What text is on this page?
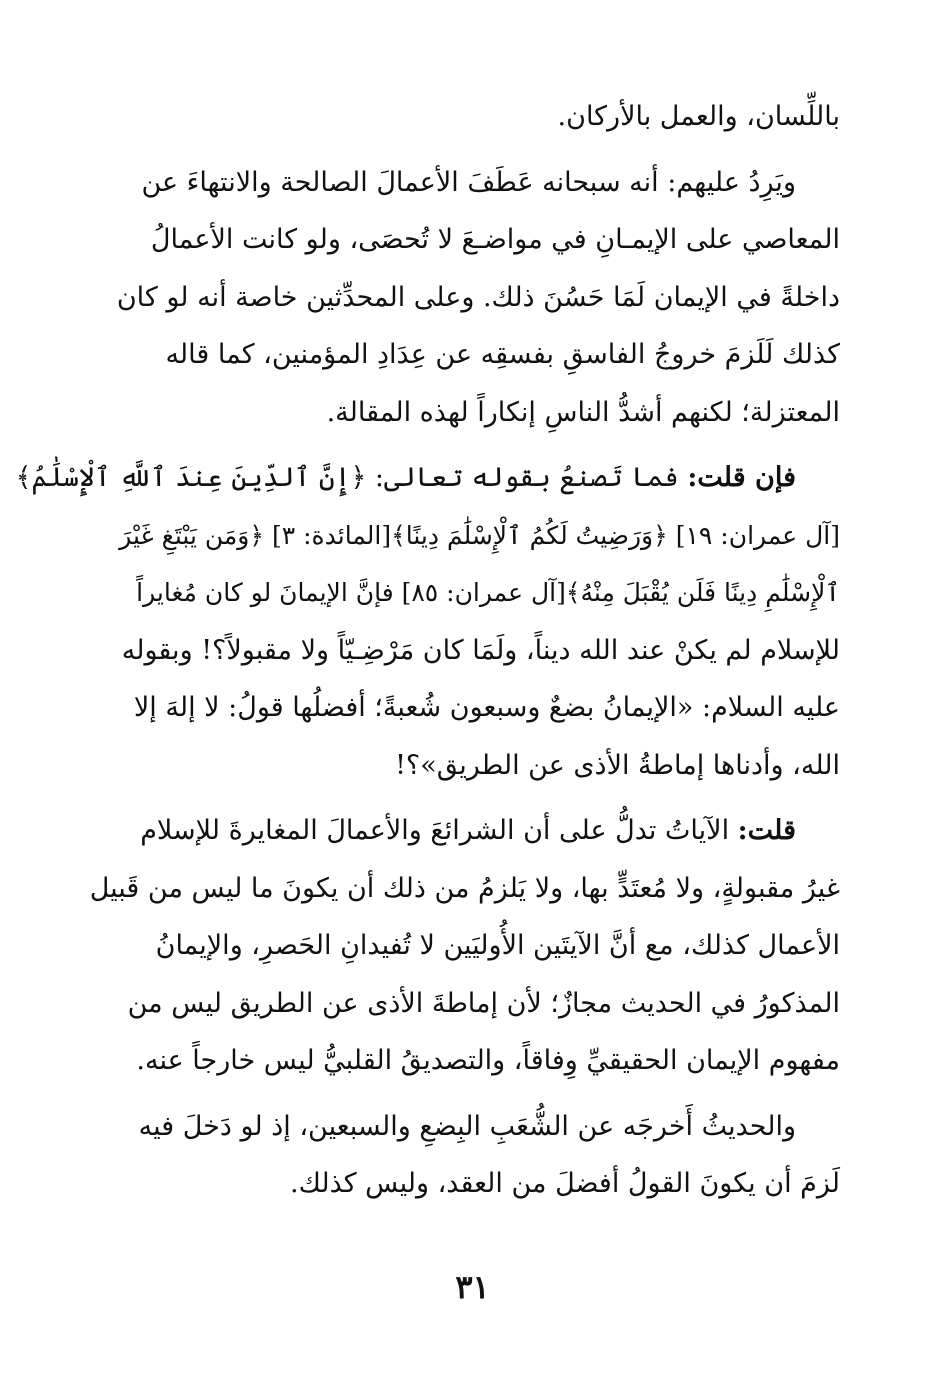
باللِّسان، والعمل بالأركان.
ويَرِدُ عليهم: أنه سبحانه عَطَفَ الأعمالَ الصالحة والانتهاءَ عن
المعاصي على الإيمـانِ في مواضـعَ لا تُحصَى، ولو كانت الأعمالُ
داخلةً في الإيمان لَمَا حَسُنَ ذلك. وعلى المحدِّثين خاصة أنه لو كان
كذلك لَلَزمَ خروجُ الفاسقِ بفسقِه عن عِدَادِ المؤمنين، كما قاله
المعتزلة؛ لكنهم أشدُّ الناسِ إنكاراً لهذه المقالة.
فإن قلت: فما تَصنعُ بقوله تعالى: ﴿إِنَّ ٱلدِّينَ عِندَ ٱللَّهِ ٱلْإِسْلَٰمُ﴾
[آل عمران: ١٩] ﴿وَرَضِيتُ لَكُمُ ٱلْإِسْلَٰمَ دِينًا﴾[المائدة: ٣] ﴿وَمَن يَبْتَغِ غَيْرَ
ٱلْإِسْلَٰمِ دِينًا فَلَن يُقْبَلَ مِنْهُ﴾[آل عمران: ٨٥] فإنَّ الإيمانَ لو كان مُغايراً
للإسلام لم يكنْ عند الله ديناً، ولَمَا كان مَرْضِـيّاً ولا مقبولاً؟! وبقوله
عليه السلام: «الإيمانُ بضعٌ وسبعون شُعبةً؛ أفضلُها قولُ: لا إلهَ إلا
الله، وأدناها إماطةُ الأذى عن الطريق»؟!
قلت: الآياتُ تدلُّ على أن الشرائعَ والأعمالَ المغايرةَ للإسلام
غيرُ مقبولةٍ، ولا مُعتَدٍّ بها، ولا يَلزمُ من ذلك أن يكونَ ما ليس من قَبيل
الأعمال كذلك، مع أنَّ الآيتَين الأُوليَين لا تُفيدانِ الحَصرِ، والإيمانُ
المذكورُ في الحديث مجازٌ؛ لأن إماطةَ الأذى عن الطريق ليس من
مفهوم الإيمان الحقيقيِّ وِفاقاً، والتصديقُ القلبيُّ ليس خارجاً عنه.
والحديثُ أَخرجَه عن الشُّعَبِ البِضعِ والسبعين، إذ لو دَخلَ فيه
لَزمَ أن يكونَ القولُ أفضلَ من العقد، وليس كذلك.
٣١
